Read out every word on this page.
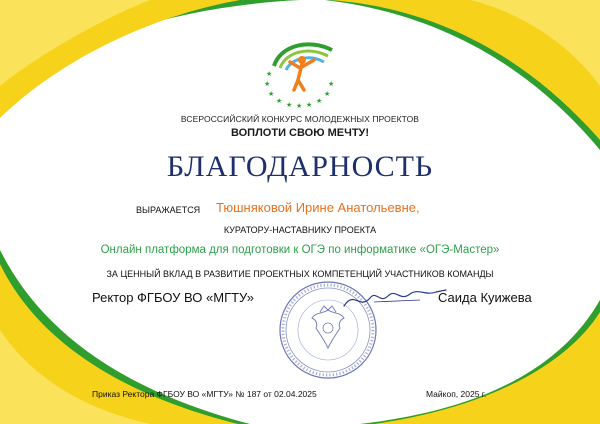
★
★
★
★ ★ ★ ★ ★
★
★
ВСЕРОССИЙСКИЙ КОНКУРС МОЛОДЕЖНЫХ ПРОЕКТОВ
ВОПЛОТИ СВОЮ МЕЧТУ!
БЛАГОДАРНОСТЬ
ВЫРАЖАЕТСЯ Тюшняковой Ирине Анатольевне,
КУРАТОРУ-НАСТАВНИКУ ПРОЕКТА
Онлайн платформа для подготовки к ОГЭ по информатике «ОГЭ-Мастер»
ЗА ЦЕННЫЙ ВКЛАД В РАЗВИТИЕ ПРОЕКТНЫХ КОМПЕТЕНЦИЙ УЧАСТНИКОВ КОМАНДЫ
Ректор ФГБОУ ВО «МГТУ»	Саида Куижева
Приказ Ректора ФГБОУ ВО «МГТУ» № 187 от 02.04.2025	Майкоп, 2025 г.
